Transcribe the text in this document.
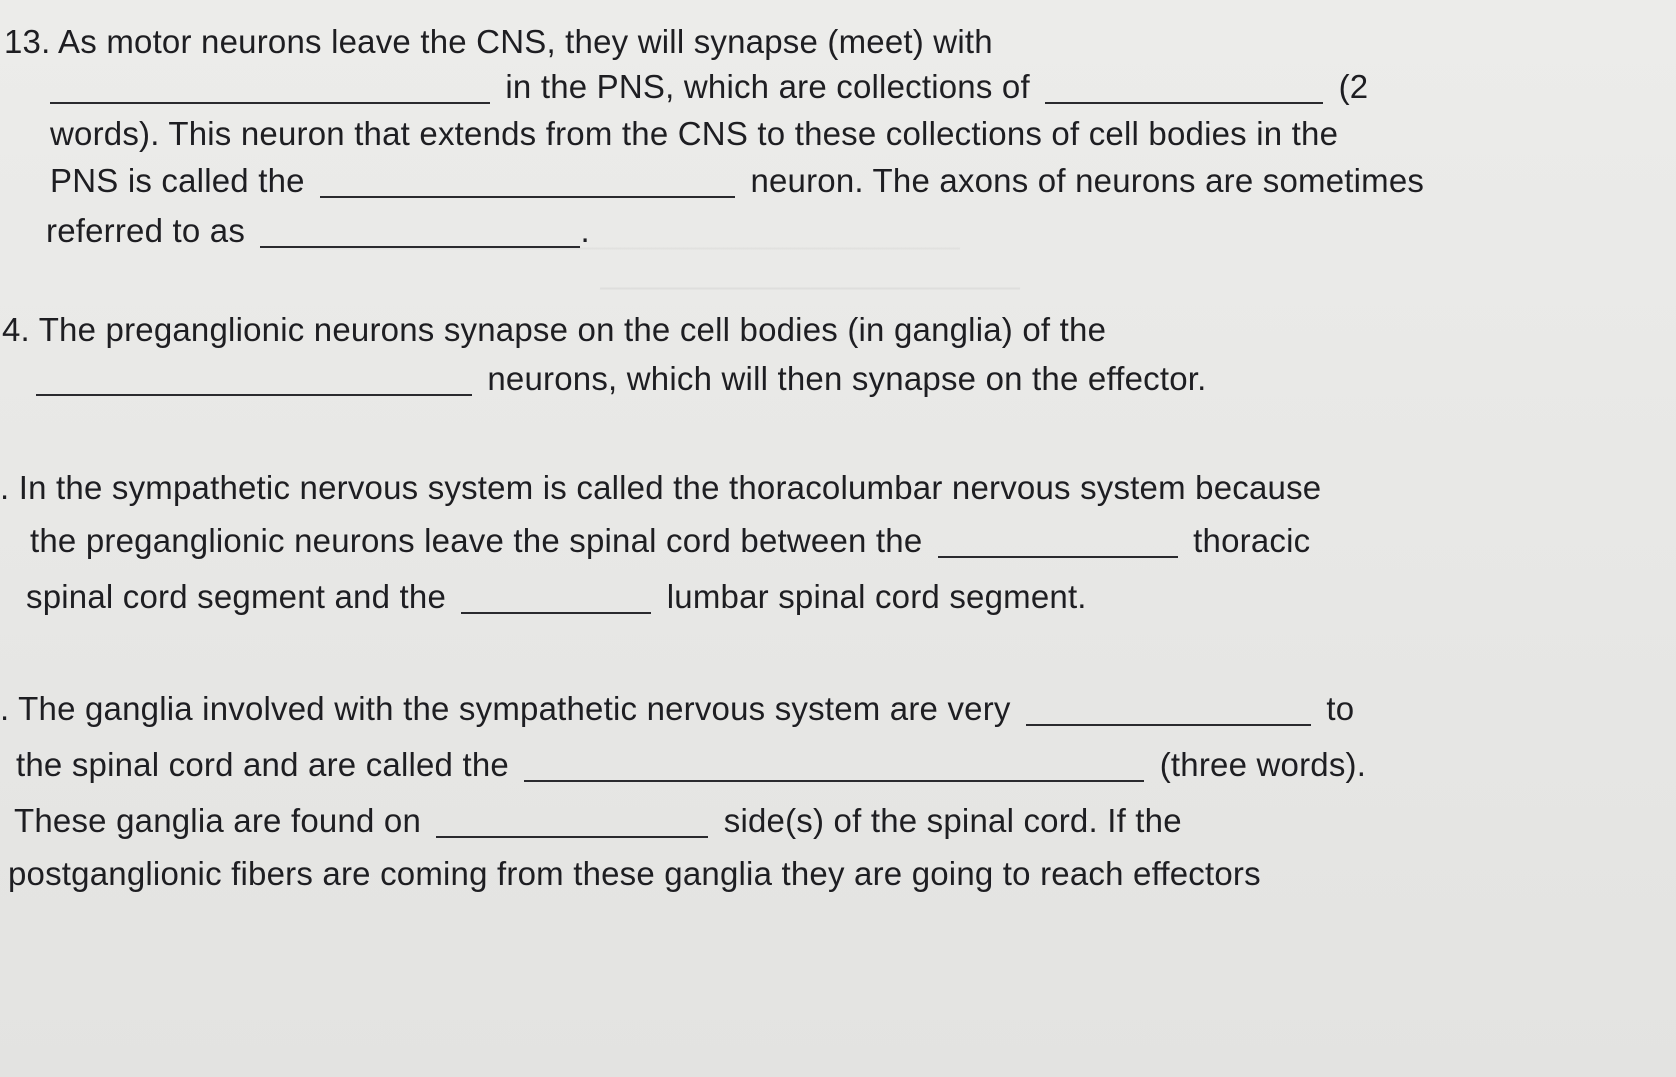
——————————————
13. As motor neurons leave the CNS, they will synapse (meet) with
in the PNS, which are collections of	(2
words). This neuron that extends from the CNS to these collections of cell bodies in the
PNS is called the	neuron. The axons of neurons are sometimes
referred to as	.
4. The preganglionic neurons synapse on the cell bodies (in ganglia) of the
neurons, which will then synapse on the effector.
. In the sympathetic nervous system is called the thoracolumbar nervous system because
the preganglionic neurons leave the spinal cord between the	thoracic
spinal cord segment and the	lumbar spinal cord segment.
. The ganglia involved with the sympathetic nervous system are very	to
the spinal cord and are called the	(three words).
These ganglia are found on	side(s) of the spinal cord. If the
postganglionic fibers are coming from these ganglia they are going to reach effectors
